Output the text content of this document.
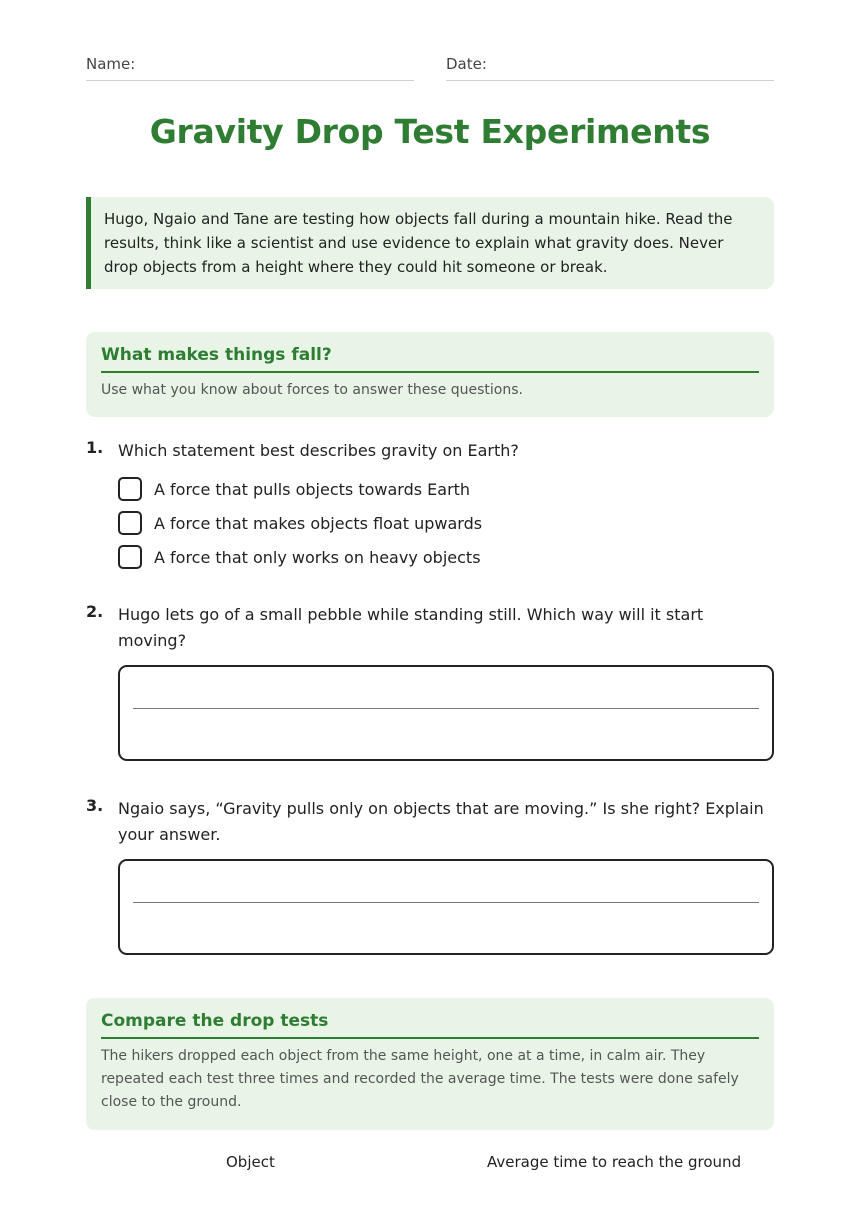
Name:	Date:
Gravity Drop Test Experiments
Hugo, Ngaio and Tane are testing how objects fall during a mountain hike. Read the results, think like a scientist and use evidence to explain what gravity does. Never drop objects from a height where they could hit someone or break.
What makes things fall?
Use what you know about forces to answer these questions.
1. Which statement best describes gravity on Earth?
A force that pulls objects towards Earth
A force that makes objects float upwards
A force that only works on heavy objects
2. Hugo lets go of a small pebble while standing still. Which way will it start moving?
3. Ngaio says, “Gravity pulls only on objects that are moving.” Is she right? Explain your answer.
Compare the drop tests
The hikers dropped each object from the same height, one at a time, in calm air. They repeated each test three times and recorded the average time. The tests were done safely close to the ground.
Object	Average time to reach the ground
